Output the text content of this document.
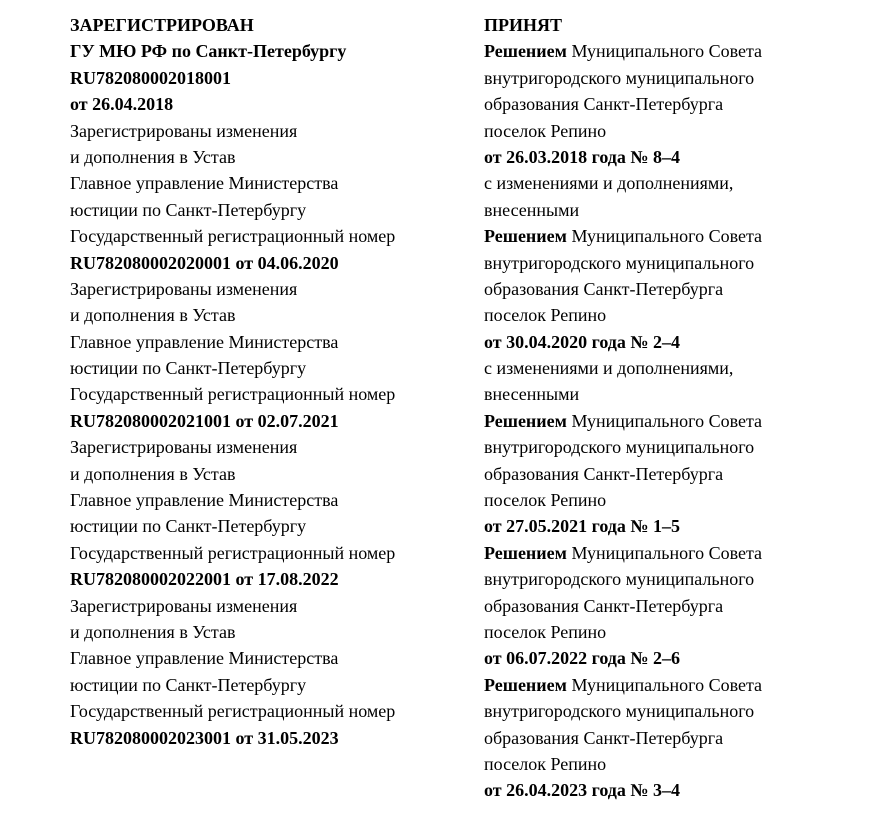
ЗАРЕГИСТРИРОВАН
ГУ МЮ РФ по Санкт-Петербургу
RU782080002018001
от 26.04.2018
Зарегистрированы изменения
и дополнения в Устав
Главное управление Министерства
юстиции по Санкт-Петербургу
Государственный регистрационный номер
RU782080002020001 от 04.06.2020
Зарегистрированы изменения
и дополнения в Устав
Главное управление Министерства
юстиции по Санкт-Петербургу
Государственный регистрационный номер
RU782080002021001 от 02.07.2021
Зарегистрированы изменения
и дополнения в Устав
Главное управление Министерства
юстиции по Санкт-Петербургу
Государственный регистрационный номер
RU782080002022001 от 17.08.2022
Зарегистрированы изменения
и дополнения в Устав
Главное управление Министерства
юстиции по Санкт-Петербургу
Государственный регистрационный номер
RU782080002023001 от 31.05.2023
ПРИНЯТ
Решением Муниципального Совета
внутригородского муниципального
образования Санкт-Петербурга
поселок Репино
от 26.03.2018 года № 8–4
с изменениями и дополнениями,
внесенными
Решением Муниципального Совета
внутригородского муниципального
образования Санкт-Петербурга
поселок Репино
от 30.04.2020 года № 2–4
с изменениями и дополнениями,
внесенными
Решением Муниципального Совета
внутригородского муниципального
образования Санкт-Петербурга
поселок Репино
от 27.05.2021 года № 1–5
Решением Муниципального Совета
внутригородского муниципального
образования Санкт-Петербурга
поселок Репино
от 06.07.2022 года № 2–6
Решением Муниципального Совета
внутригородского муниципального
образования Санкт-Петербурга
поселок Репино
от 26.04.2023 года № 3–4
